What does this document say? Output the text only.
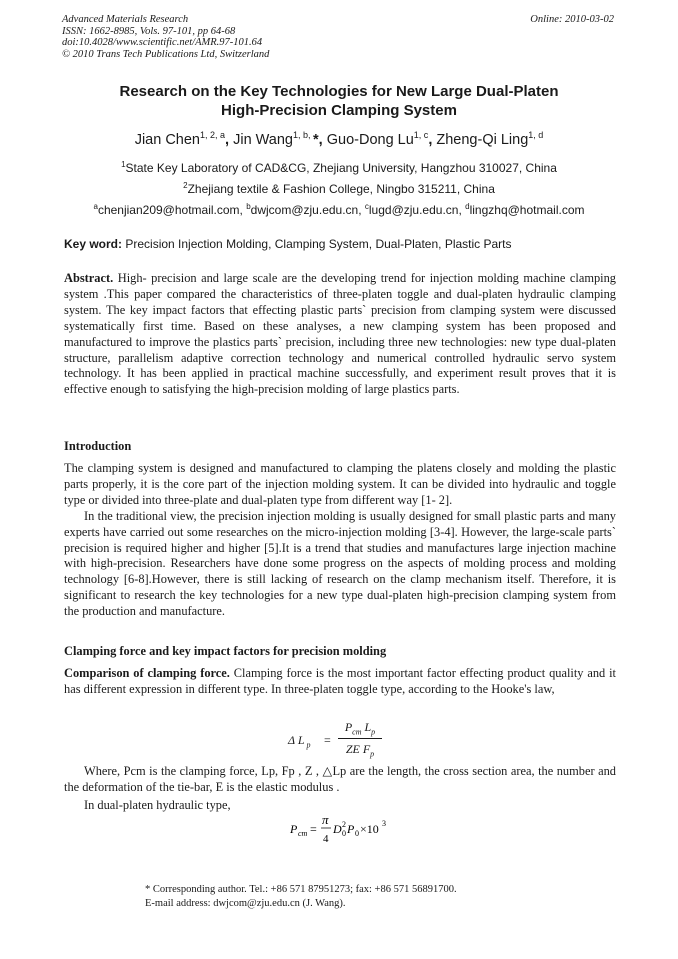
Advanced Materials Research
ISSN: 1662-8985, Vols. 97-101, pp 64-68
doi:10.4028/www.scientific.net/AMR.97-101.64
© 2010 Trans Tech Publications Ltd, Switzerland
Online: 2010-03-02
Research on the Key Technologies for New Large Dual-Platen
High-Precision Clamping System
Jian Chen$^{1, 2, a}$, Jin Wang$^{1, b,}$ *, Guo-Dong Lu$^{1, c}$, Zheng-Qi Ling$^{1, d}$
$^1$State Key Laboratory of CAD&CG, Zhejiang University, Hangzhou 310027, China
$^2$Zhejiang textile & Fashion College, Ningbo 315211, China
$^a$chenjian209@hotmail.com, $^b$dwjcom@zju.edu.cn, $^c$lugd@zju.edu.cn, $^d$lingzhq@hotmail.com
Key word: Precision Injection Molding, Clamping System, Dual-Platen, Plastic Parts
Abstract. High- precision and large scale are the developing trend for injection molding machine clamping system .This paper compared the characteristics of three-platen toggle and dual-platen hydraulic clamping system. The key impact factors that effecting plastic parts` precision from clamping system were discussed systematically first time. Based on these analyses, a new clamping system has been proposed and manufactured to improve the plastics parts` precision, including three new technologies: new type dual-platen structure, parallelism adaptive correction technology and numerical controlled hydraulic servo system technology. It has been applied in practical machine successfully, and experiment result proves that it is effective enough to satisfying the high-precision molding of large plastics parts.
Introduction
The clamping system is designed and manufactured to clamping the platens closely and molding the plastic parts properly, it is the core part of the injection molding system. It can be divided into hydraulic and toggle type or divided into three-plate and dual-platen type from different way [1- 2].
In the traditional view, the precision injection molding is usually designed for small plastic parts and many experts have carried out some researches on the micro-injection molding [3-4]. However, the large-scale parts` precision is required higher and higher [5].It is a trend that studies and manufactures large injection machine with high-precision. Researchers have done some progress on the aspects of molding process and molding technology [6-8].However, there is still lacking of research on the clamp mechanism itself. Therefore, it is significant to research the key technologies for a new type dual-platen high-precision clamping system from the production and manufacture.
Clamping force and key impact factors for precision molding
Comparison of clamping force. Clamping force is the most important factor effecting product quality and it has different expression in different type. In three-platen toggle type, according to the Hooke's law,
Δ L $_p$	=
$P_{cm}$ $L_p$
ZE $F_p$
Where, Pcm is the clamping force, Lp, Fp , Z , △Lp are the length, the cross section area, the number and the deformation of the tie-bar, E is the elastic modulus .
In dual-platen hydraulic type,
P cm =
π
4
D 0
2 P 0 ×10 3
* Corresponding author. Tel.: +86 571 87951273; fax: +86 571 56891700.
E-mail address: dwjcom@zju.edu.cn (J. Wang).
